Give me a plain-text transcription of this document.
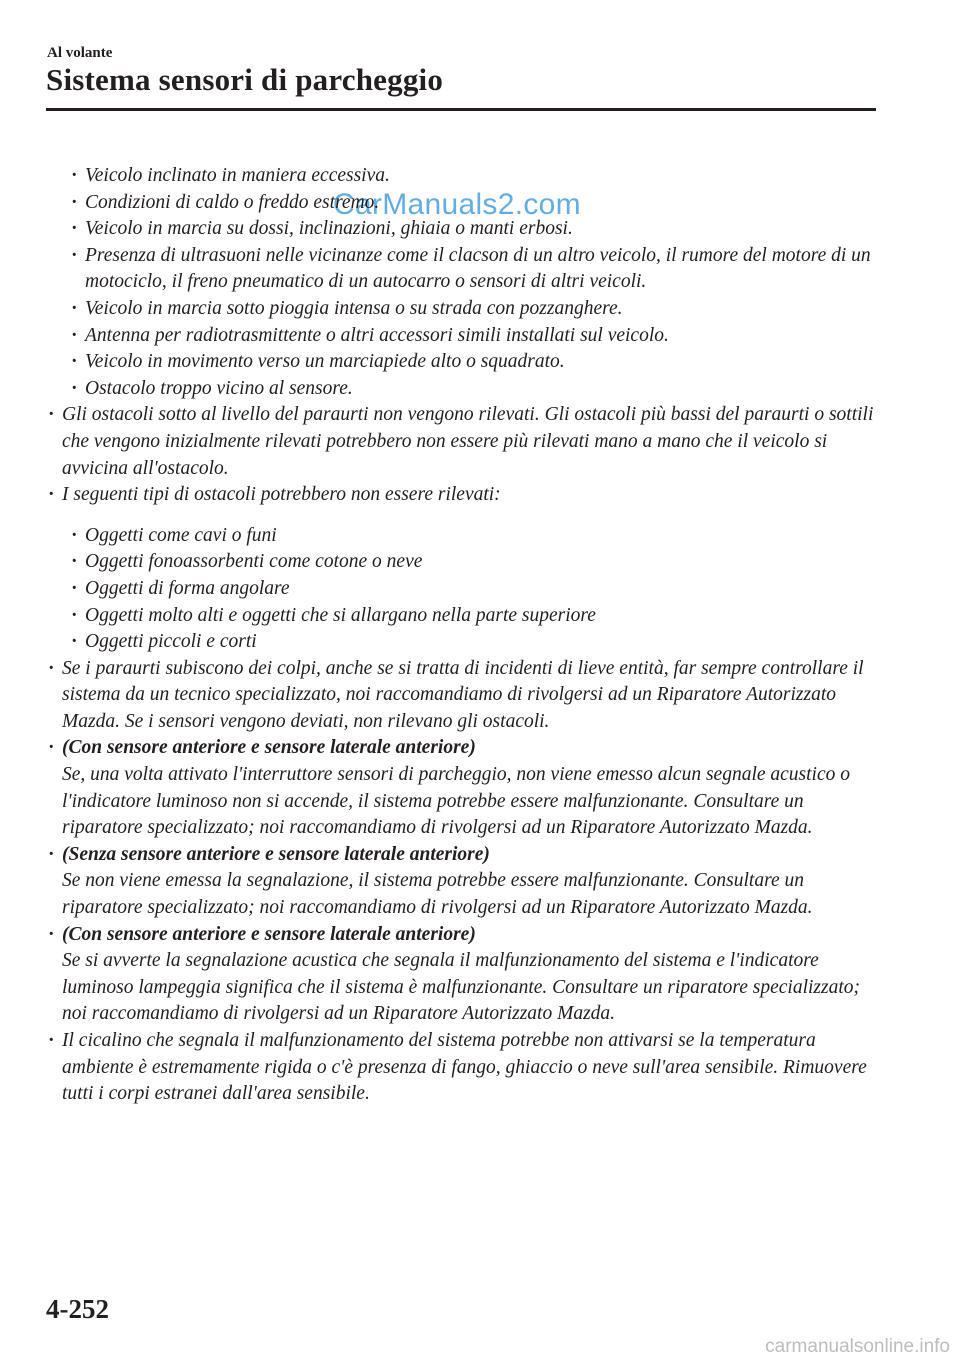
Al volante
Sistema sensori di parcheggio
CarManuals2.com
· Veicolo inclinato in maniera eccessiva.
· Condizioni di caldo o freddo estremo.
· Veicolo in marcia su dossi, inclinazioni, ghiaia o manti erbosi.
· Presenza di ultrasuoni nelle vicinanze come il clacson di un altro veicolo, il rumore del motore di un motociclo, il freno pneumatico di un autocarro o sensori di altri veicoli.
· Veicolo in marcia sotto pioggia intensa o su strada con pozzanghere.
· Antenna per radiotrasmittente o altri accessori simili installati sul veicolo.
· Veicolo in movimento verso un marciapiede alto o squadrato.
· Ostacolo troppo vicino al sensore.
· Gli ostacoli sotto al livello del paraurti non vengono rilevati. Gli ostacoli più bassi del paraurti o sottili che vengono inizialmente rilevati potrebbero non essere più rilevati mano a mano che il veicolo si avvicina all'ostacolo.
· I seguenti tipi di ostacoli potrebbero non essere rilevati:
· Oggetti come cavi o funi
· Oggetti fonoassorbenti come cotone o neve
· Oggetti di forma angolare
· Oggetti molto alti e oggetti che si allargano nella parte superiore
· Oggetti piccoli e corti
· Se i paraurti subiscono dei colpi, anche se si tratta di incidenti di lieve entità, far sempre controllare il sistema da un tecnico specializzato, noi raccomandiamo di rivolgersi ad un Riparatore Autorizzato Mazda. Se i sensori vengono deviati, non rilevano gli ostacoli.
· (Con sensore anteriore e sensore laterale anteriore)
Se, una volta attivato l'interruttore sensori di parcheggio, non viene emesso alcun segnale acustico o l'indicatore luminoso non si accende, il sistema potrebbe essere malfunzionante. Consultare un riparatore specializzato; noi raccomandiamo di rivolgersi ad un Riparatore Autorizzato Mazda.
· (Senza sensore anteriore e sensore laterale anteriore)
Se non viene emessa la segnalazione, il sistema potrebbe essere malfunzionante. Consultare un riparatore specializzato; noi raccomandiamo di rivolgersi ad un Riparatore Autorizzato Mazda.
· (Con sensore anteriore e sensore laterale anteriore)
Se si avverte la segnalazione acustica che segnala il malfunzionamento del sistema e l'indicatore luminoso lampeggia significa che il sistema è malfunzionante. Consultare un riparatore specializzato; noi raccomandiamo di rivolgersi ad un Riparatore Autorizzato Mazda.
· Il cicalino che segnala il malfunzionamento del sistema potrebbe non attivarsi se la temperatura ambiente è estremamente rigida o c'è presenza di fango, ghiaccio o neve sull'area sensibile. Rimuovere tutti i corpi estranei dall'area sensibile.
4-252
carmanualsonline.info
